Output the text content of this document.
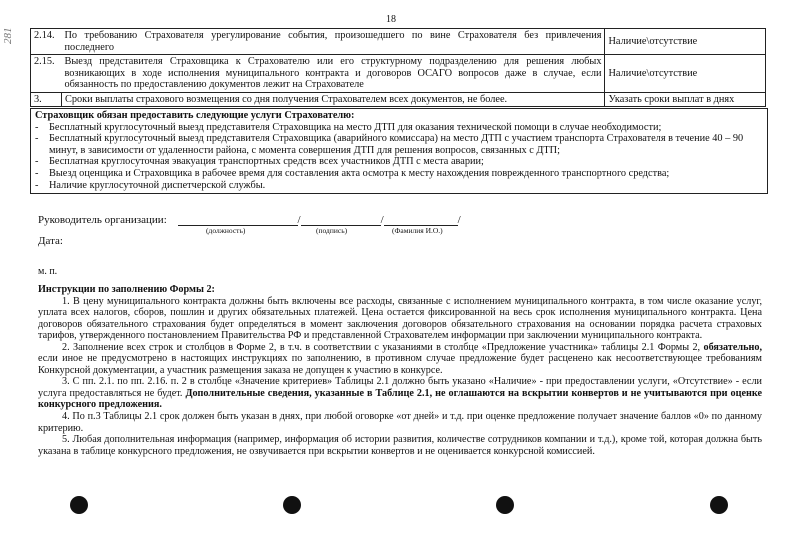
281
18
2.14.	По требованию Страхователя урегулирование события, произошедшего по вине Страхователя без привлечения последнего	Наличие\отсутствие
2.15.	Выезд представителя Страховщика к Страхователю или его структурному подразделению для решения любых возникающих в ходе исполнения муниципального контракта и договоров ОСАГО вопросов даже в случае, если обязанность по предоставлению документов лежит на Страхователе	Наличие\отсутствие
3.	Сроки выплаты страхового возмещения со дня получения Страхователем всех документов, не более.	Указать сроки выплат в днях
Страховщик обязан предоставить следующие услуги Страхователю:
- Бесплатный круглосуточный выезд представителя Страховщика на место ДТП для оказания технической помощи в случае необходимости;
- Бесплатный круглосуточный выезд представителя Страховщика (аварийного комиссара) на место ДТП с участием транспорта Страхователя в течение 40 – 90 минут, в зависимости от удаленности района, с момента совершения ДТП для решения вопросов, связанных с ДТП;
- Бесплатная круглосуточная эвакуация транспортных средств всех участников ДТП с места аварии;
- Выезд оценщика и Страховщика в рабочее время для составления акта осмотра к месту нахождения поврежденного транспортного средства;
- Наличие круглосуточной диспетчерской службы.
Руководитель организации:	/	/	/
(должность)	(подпись)	(Фамилия И.О.)
Дата:
м. п.

Инструкции по заполнению Формы 2:

1. В цену муниципального контракта должны быть включены все расходы, связанные с исполнением муниципального контракта, в том числе оказание услуг, уплата всех налогов, сборов, пошлин и других обязательных платежей. Цена остается фиксированной на весь срок исполнения муниципального контракта. Цена договоров обязательного страхования будет определяться в момент заключения договоров обязательного страхования на основании порядка расчета страховых тарифов, утвержденного постановлением Правительства РФ и представленной Страхователем информации при заключении муниципального контракта.

2. Заполнение всех строк и столбцов в Форме 2, в т.ч. в соответствии с указаниями в столбце «Предложение участника» таблицы 2.1 Формы 2, обязательно, если иное не предусмотрено в настоящих инструкциях по заполнению, в противном случае предложение будет расценено как несоответствующее требованиям Конкурсной документации, а участник размещения заказа не допущен к участию в конкурсе.

3. С пп. 2.1. по пп. 2.16. п. 2 в столбце «Значение критериев» Таблицы 2.1 должно быть указано «Наличие» - при предоставлении услуги, «Отсутствие» - если услуга предоставляться не будет. Дополнительные сведения, указанные в Таблице 2.1, не оглашаются на вскрытии конвертов и не учитываются при оценке конкурсного предложения.

4. По п.3 Таблицы 2.1 срок должен быть указан в днях, при любой оговорке «от дней» и т.д. при оценке предложение получает значение баллов «0» по данному критерию.

5. Любая дополнительная информация (например, информация об истории развития, количестве сотрудников компании и т.д.), кроме той, которая должна быть указана в таблице конкурсного предложения, не озвучивается при вскрытии конвертов и не оценивается конкурсной комиссией.
